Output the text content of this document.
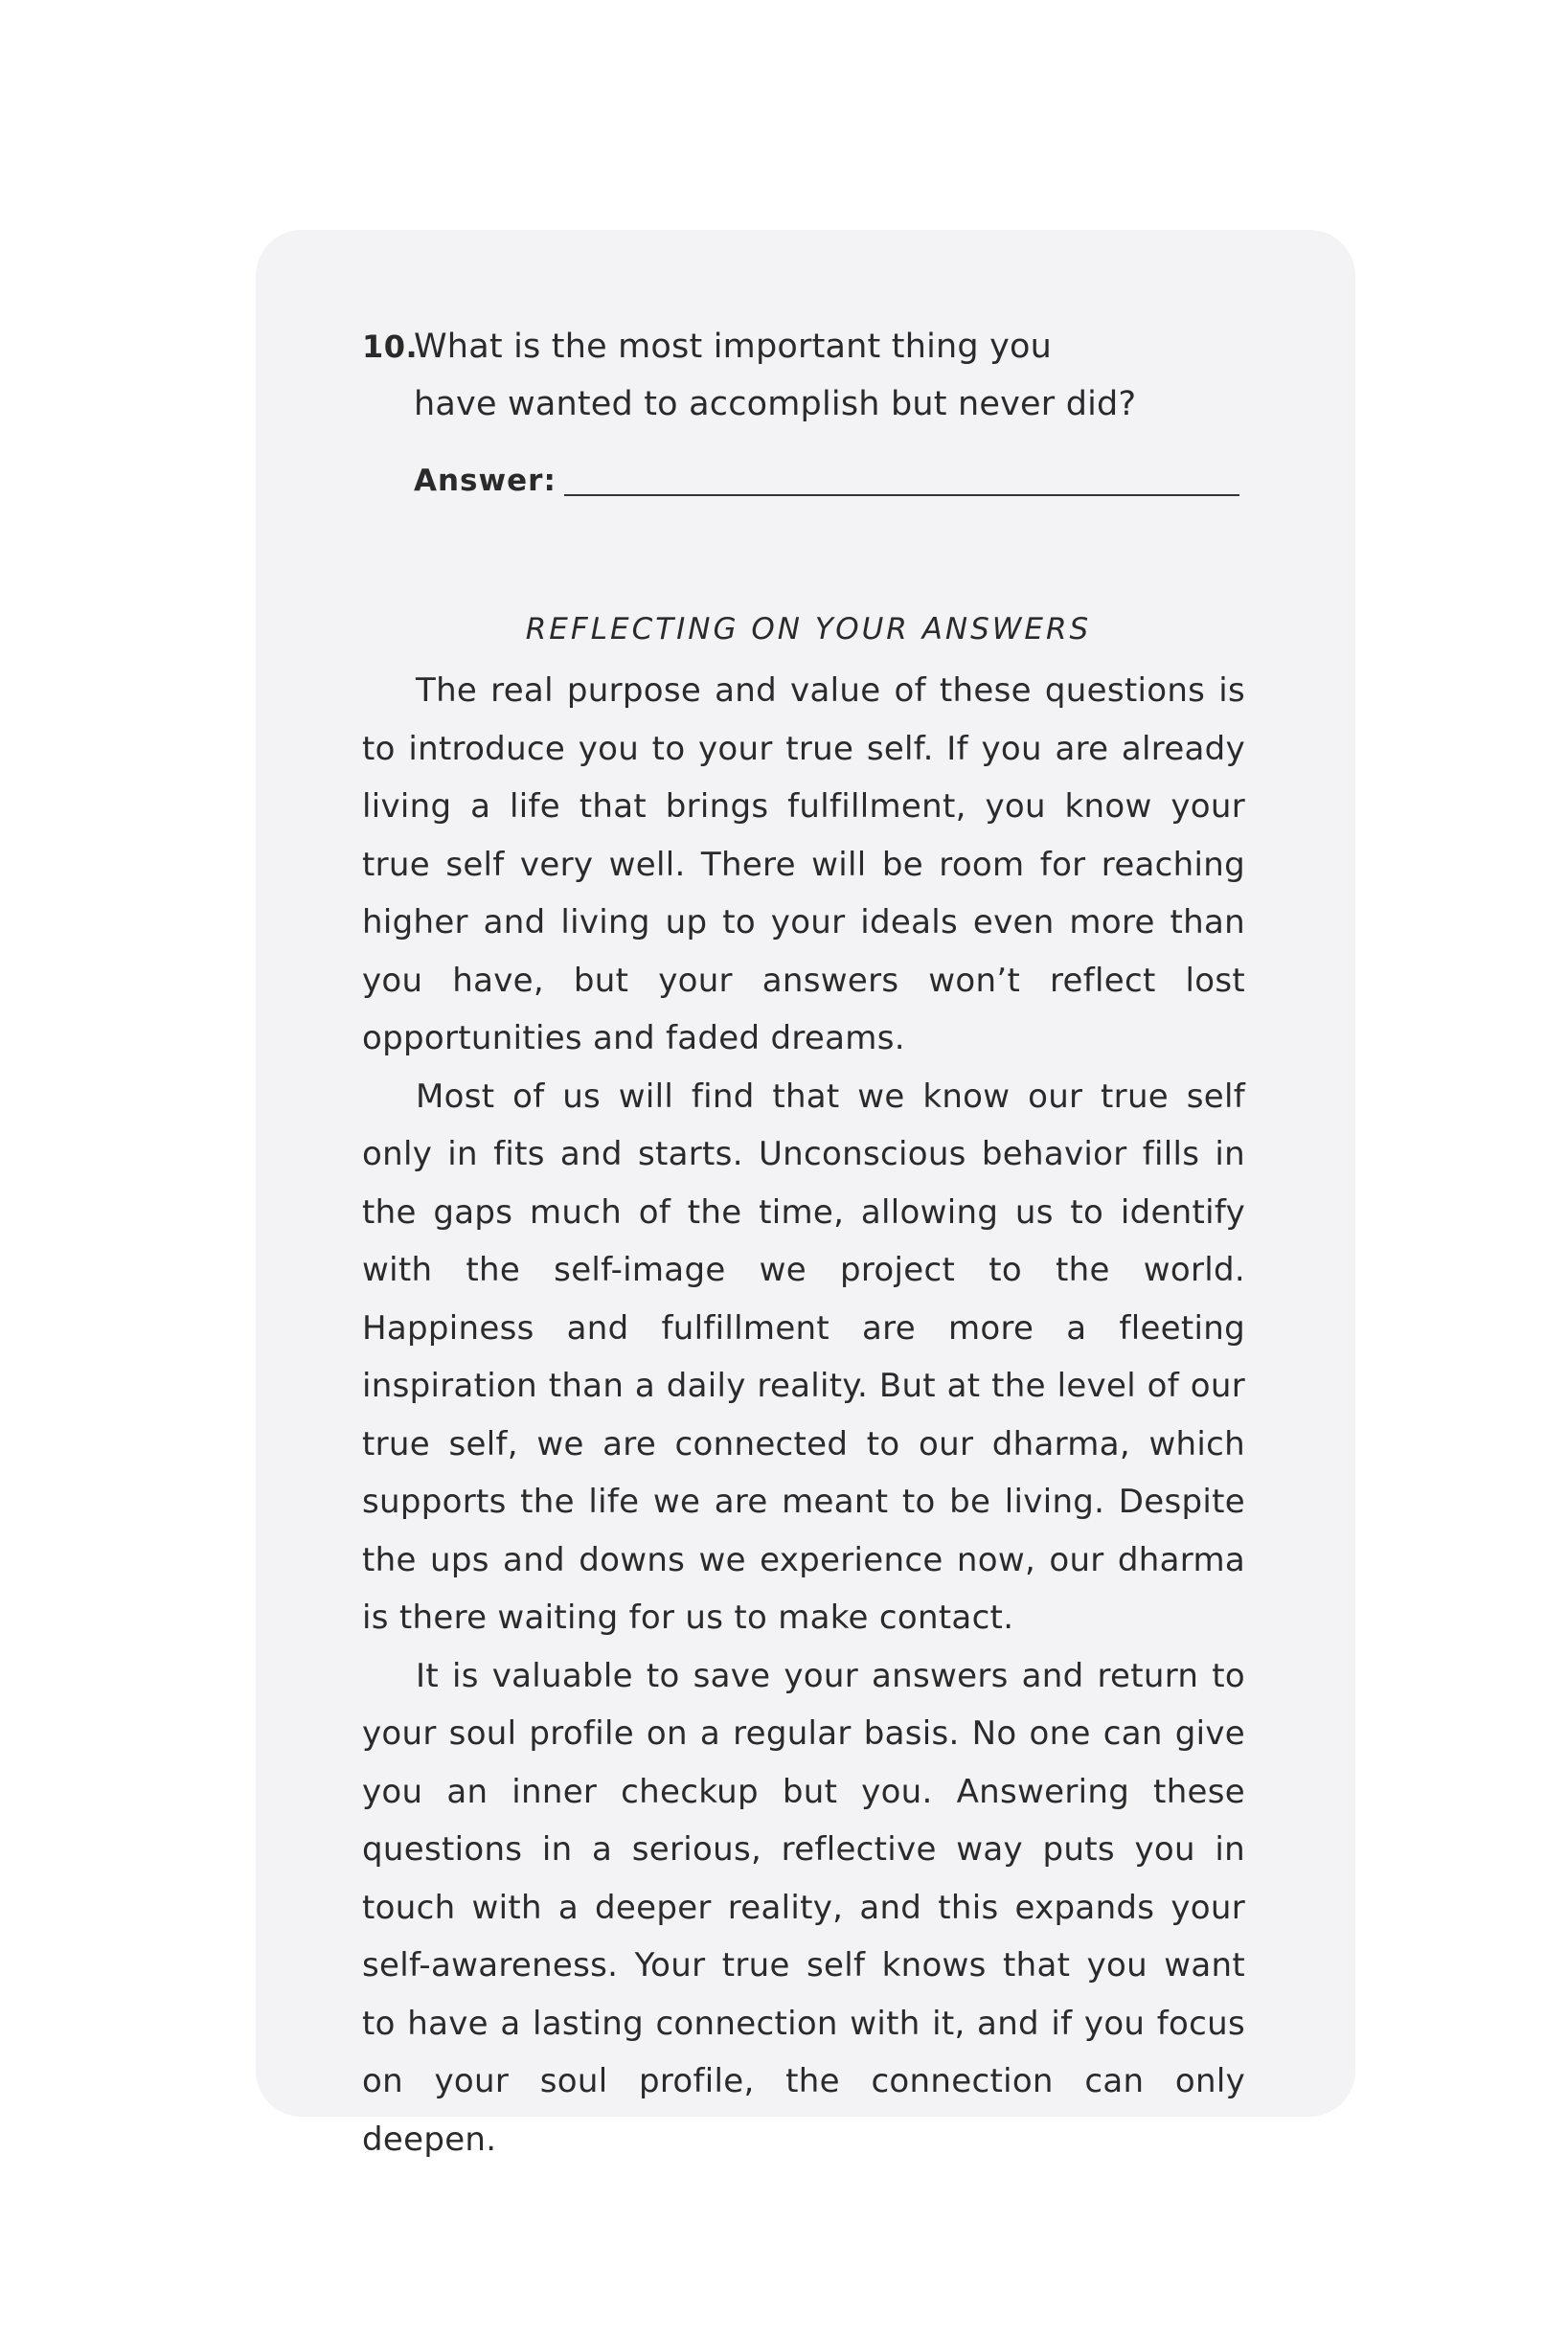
10.
What is the most important thing you have wanted to accomplish but never did?
Answer:
REFLECTING ON YOUR ANSWERS

The real purpose and value of these questions is to introduce you to your true self. If you are already living a life that brings fulfillment, you know your true self very well. There will be room for reaching higher and living up to your ideals even more than you have, but your answers won’t reflect lost opportunities and faded dreams.

Most of us will find that we know our true self only in fits and starts. Unconscious behavior fills in the gaps much of the time, allowing us to identify with the self-image we project to the world. Happiness and fulfillment are more a fleeting inspiration than a daily reality. But at the level of our true self, we are connected to our dharma, which supports the life we are meant to be living. Despite the ups and downs we experience now, our dharma is there waiting for us to make contact.

It is valuable to save your answers and return to your soul profile on a regular basis. No one can give you an inner checkup but you. Answering these questions in a serious, reflective way puts you in touch with a deeper reality, and this expands your self-awareness. Your true self knows that you want to have a lasting connection with it, and if you focus on your soul profile, the connection can only deepen.
